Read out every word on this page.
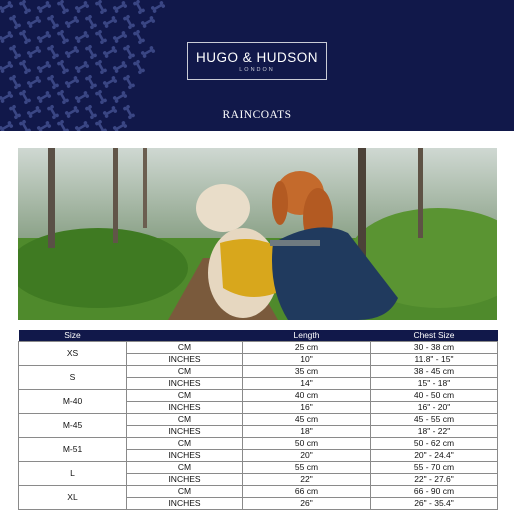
HUGO & HUDSON
LONDON
RAINCOATS
Size		Length	Chest Size
XS	CM	25 cm	30 - 38 cm
	INCHES	10"	11.8" - 15"
S	CM	35 cm	38 - 45 cm
	INCHES	14"	15" - 18"
M-40	CM	40 cm	40 - 50 cm
	INCHES	16"	16" - 20"
M-45	CM	45 cm	45 - 55 cm
	INCHES	18"	18" - 22"
M-51	CM	50 cm	50 - 62 cm
	INCHES	20"	20" - 24.4"
L	CM	55 cm	55 - 70 cm
	INCHES	22"	22" - 27.6"
XL	CM	66 cm	66 - 90 cm
	INCHES	26"	26" - 35.4"
